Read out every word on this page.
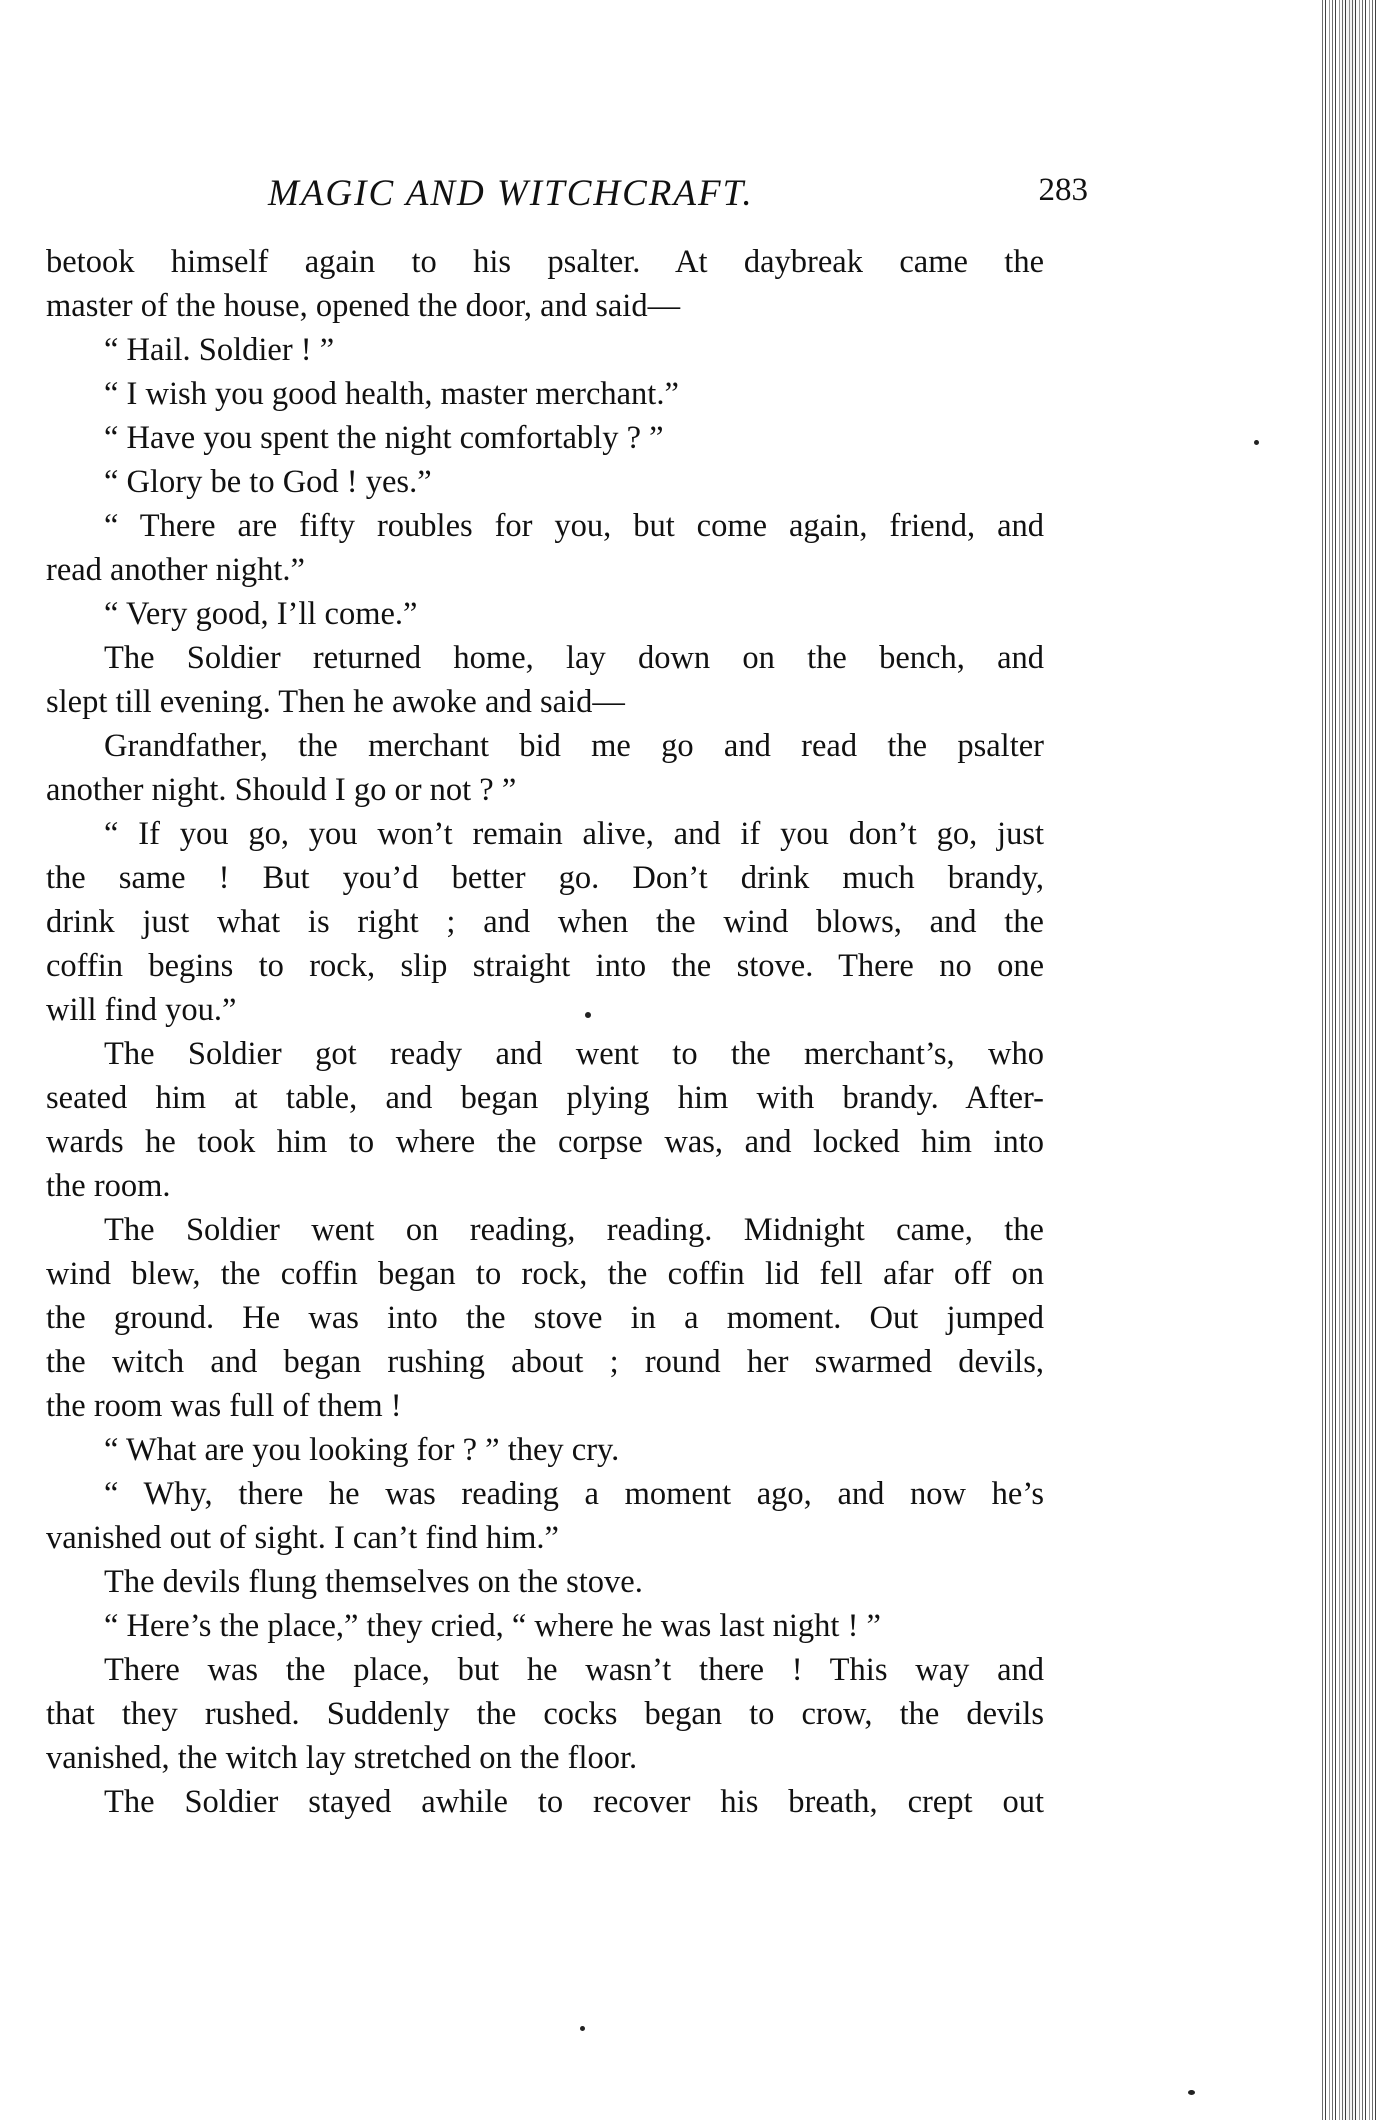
MAGIC AND WITCHCRAFT.	283
betook himself again to his psalter. At daybreak came the
master of the house, opened the door, and said—
“ Hail. Soldier ! ”
“ I wish you good health, master merchant.”
“ Have you spent the night comfortably ? ”
“ Glory be to God ! yes.”
“ There are fifty roubles for you, but come again, friend, and
read another night.”
“ Very good, I’ll come.”
The Soldier returned home, lay down on the bench, and
slept till evening. Then he awoke and said—
Grandfather, the merchant bid me go and read the psalter
another night. Should I go or not ? ”
“ If you go, you won’t remain alive, and if you don’t go, just
the same ! But you’d better go. Don’t drink much brandy,
drink just what is right ; and when the wind blows, and the
coffin begins to rock, slip straight into the stove. There no one
will find you.”
The Soldier got ready and went to the merchant’s, who
seated him at table, and began plying him with brandy. After-
wards he took him to where the corpse was, and locked him into
the room.
The Soldier went on reading, reading. Midnight came, the
wind blew, the coffin began to rock, the coffin lid fell afar off on
the ground. He was into the stove in a moment. Out jumped
the witch and began rushing about ; round her swarmed devils,
the room was full of them !
“ What are you looking for ? ” they cry.
“ Why, there he was reading a moment ago, and now he’s
vanished out of sight. I can’t find him.”
The devils flung themselves on the stove.
“ Here’s the place,” they cried, “ where he was last night ! ”
There was the place, but he wasn’t there ! This way and
that they rushed. Suddenly the cocks began to crow, the devils
vanished, the witch lay stretched on the floor.
The Soldier stayed awhile to recover his breath, crept out
